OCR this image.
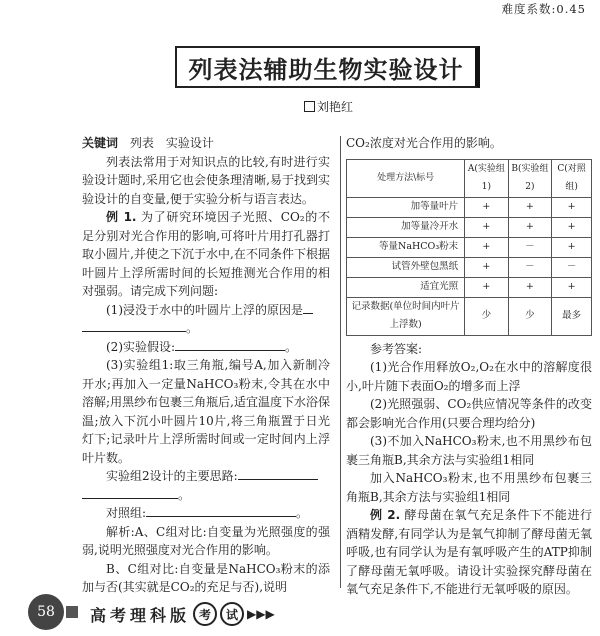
难度系数:0.45
列表法辅助生物实验设计
刘艳红

关键词 列表　实验设计

列表法常用于对知识点的比较,有时进行实验设计题时,采用它也会使条理清晰,易于找到实验设计的自变量,便于实验分析与语言表达。

例 1. 为了研究环境因子光照、CO₂的不足分别对光合作用的影响,可将叶片用打孔器打取小圆片,并使之下沉于水中,在不同条件下根据叶圆片上浮所需时间的长短推测光合作用的相对强弱。请完成下列问题:

(1)浸没于水中的叶圆片上浮的原因是

。

(2)实验假设:	。

(3)实验组1:取三角瓶,编号A,加入新制冷开水;再加入一定量NaHCO₃粉末,令其在水中溶解;用黑纱布包裹三角瓶后,适宜温度下水浴保温;放入下沉小叶圆片10片,将三角瓶置于日光灯下;记录叶片上浮所需时间或一定时间内上浮叶片数。

实验组2设计的主要思路:

。

对照组:	。

解析:A、C组对比:自变量为光照强度的强弱,说明光照强度对光合作用的影响。

B、C组对比:自变量是NaHCO₃粉末的添加与否(其实就是CO₂的充足与否),说明

CO₂浓度对光合作用的影响。

处理方法\标号	A(实验组1)	B(实验组2)	C(对照组)
加等量叶片	+	+	+
加等量冷开水	+	+	+
等量NaHCO₃粉末	+	－	+
试管外壁包黑纸	+	－	－
适宜光照	+	+	+
记录数据(单位时间内叶片上浮数)	少	少	最多

参考答案:

(1)光合作用释放O₂,O₂在水中的溶解度很小,叶片随下表面O₂的增多而上浮

(2)光照强弱、CO₂供应情况等条件的改变都会影响光合作用(只要合理均给分)

(3)不加入NaHCO₃粉末,也不用黑纱布包裹三角瓶B,其余方法与实验组1相同

加入NaHCO₃粉末,也不用黑纱布包裹三角瓶B,其余方法与实验组1相同

例 2. 酵母菌在氧气充足条件下不能进行酒精发酵,有同学认为是氧气抑制了酵母菌无氧呼吸,也有同学认为是有氧呼吸产生的ATP抑制了酵母菌无氧呼吸。请设计实验探究酵母菌在氧气充足条件下,不能进行无氧呼吸的原因。

58	高考理科版 考	试 ▶▶▶
